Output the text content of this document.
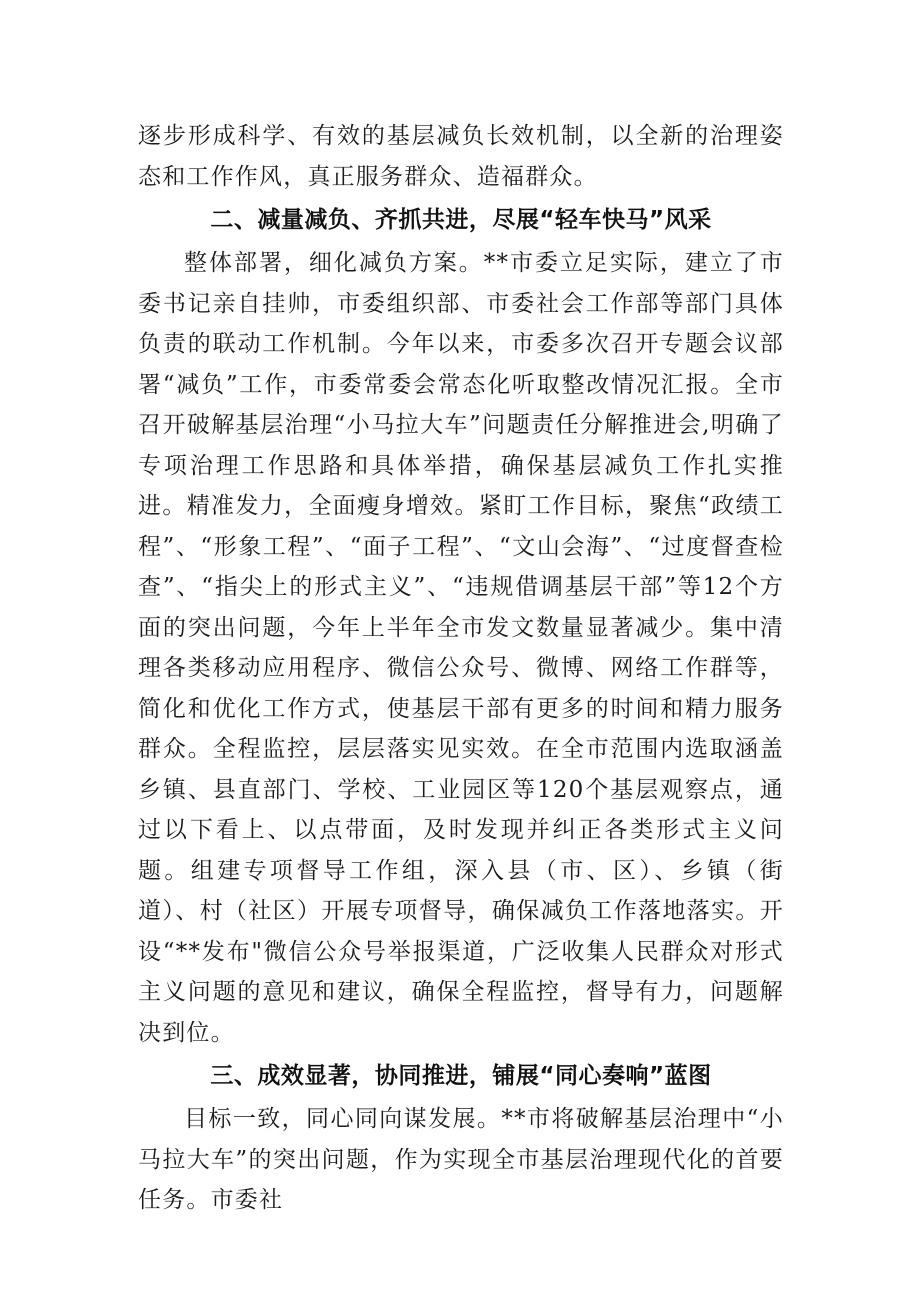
逐步形成科学、有效的基层减负长效机制，以全新的治理姿态和工作作风，真正服务群众、造福群众。

二、减量减负、齐抓共进，尽展“轻车快马”风采

整体部署，细化减负方案。**市委立足实际，建立了市委书记亲自挂帅，市委组织部、市委社会工作部等部门具体负责的联动工作机制。今年以来，市委多次召开专题会议部署“减负”工作，市委常委会常态化听取整改情况汇报。全市召开破解基层治理“小马拉大车”问题责任分解推进会,明确了专项治理工作思路和具体举措，确保基层减负工作扎实推进。精准发力，全面瘦身增效。紧盯工作目标，聚焦“政绩工程”、“形象工程”、“面子工程”、“文山会海”、“过度督查检查”、“指尖上的形式主义”、“违规借调基层干部”等12个方面的突出问题，今年上半年全市发文数量显著减少。集中清理各类移动应用程序、微信公众号、微博、网络工作群等，简化和优化工作方式，使基层干部有更多的时间和精力服务群众。全程监控，层层落实见实效。在全市范围内选取涵盖乡镇、县直部门、学校、工业园区等120个基层观察点，通过以下看上、以点带面，及时发现并纠正各类形式主义问题。组建专项督导工作组，深入县（市、区）、乡镇（街道）、村（社区）开展专项督导，确保减负工作落地落实。开设“**发布"微信公众号举报渠道，广泛收集人民群众对形式主义问题的意见和建议，确保全程监控，督导有力，问题解决到位。

三、成效显著，协同推进，铺展“同心奏响”蓝图

目标一致，同心同向谋发展。**市将破解基层治理中“小马拉大车”的突出问题，作为实现全市基层治理现代化的首要任务。市委社
